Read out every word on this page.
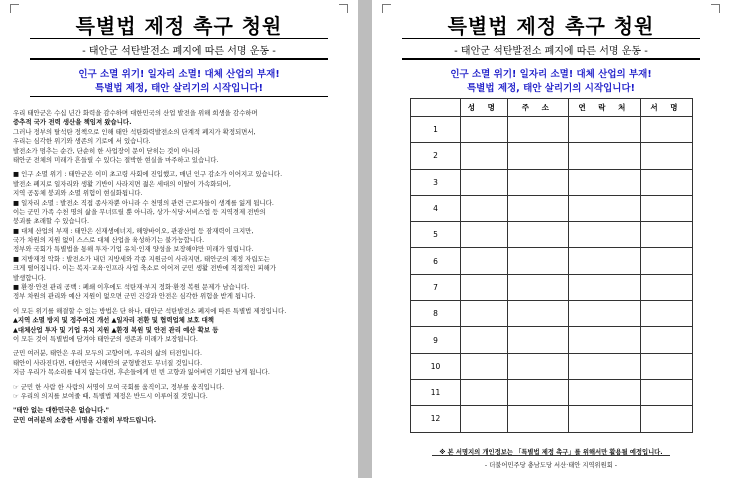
특별법 제정 촉구 청원
- 태안군 석탄발전소 폐지에 따른 서명 운동 -
인구 소멸 위기! 일자리 소멸! 대체 산업의 부재!
특별법 제정, 태안 살리기의 시작입니다!
우리 태안군은 수십 년간 화력을 감수하며 대한민국의 산업 발전을 위해 희생을 감수하며
중추적 국가 전력 생산을 책임져 왔습니다.
그러나 정부의 탈석탄 정책으로 인해 태안 석탄화력발전소의 단계적 폐지가 확정되면서,
우리는 심각한 위기와 생존의 기로에 서 있습니다.
발전소가 멈추는 순간, 단순히 한 사업장이 문이 닫히는 것이 아니라
태안군 전체의 미래가 흔들릴 수 있다는 절박한 현실을 마주하고 있습니다.
■ 인구 소멸 위기 : 태안군은 이미 초고령 사회에 진입했고, 매년 인구 감소가 이어지고 있습니다.
발전소 폐지로 일자리와 생활 기반이 사라지면 젊은 세대의 이탈이 가속화되어,
지역 공동체 붕괴와 소멸 위험이 현실화됩니다.
■ 일자리 소멸 : 발전소 직접 종사자뿐 아니라 수 천명의 관련 근로자들이 생계를 잃게 됩니다.
이는 군민 가족 수천 명의 삶을 무너뜨릴 뿐 아니라, 상가·식당·서비스업 등 지역경제 전반의
붕괴를 초래할 수 있습니다.
■ 대체 산업의 부재 : 태안은 신재생에너지, 해양바이오, 관광산업 등 잠재력이 크지만,
국가 차원의 지원 없이 스스로 대체 산업을 육성하기는 불가능합니다.
정부와 국회가 특별법을 통해 투자·기업 유치·인재 양성을 보장해야만 미래가 열립니다.
■ 지방재정 악화 : 발전소가 내던 지방세와 각종 지원금이 사라지면, 태안군의 재정 자립도는
크게 떨어집니다. 이는 복지·교육·인프라 사업 축소로 이어져 군민 생활 전반에 직접적인 피해가
발생합니다.
■ 환경·안전 관리 공백 : 폐쇄 이후에도 석탄재·부지 정화·환경 복원 문제가 남습니다.
정부 차원의 관리와 예산 지원이 없으면 군민 건강과 안전은 심각한 위험을 받게 됩니다.
이 모든 위기를 해결할 수 있는 방법은 단 하나, 태안군 석탄발전소 폐지에 따른 특별법 제정입니다.
▲지역 소멸 방지 및 정주여건 개선 ▲일자리 전환 및 협력업체 보호 대책
▲대체산업 투자 및 기업 유치 지원 ▲환경 복원 및 안전 관리 예산 확보 등
이 모든 것이 특별법에 담겨야 태안군의 생존과 미래가 보장됩니다.
군민 여러분, 태안은 우리 모두의 고향이며, 우리의 삶의 터전입니다.
태안이 사라진다면, 대한민국 서해안의 균형발전도 무너질 것입니다.
지금 우리가 목소리를 내지 않는다면, 후손들에게 빈 빈 고향과 잃어버린 기회만 남게 됩니다.
☞ 군민 한 사람 한 사람의 서명이 모여 국회를 움직이고, 정부를 움직입니다.
☞ 우리의 의지를 보여줄 때, 특별법 제정은 반드시 이루어질 것입니다.
"태안 없는 대한민국은 없습니다."
군민 여러분의 소중한 서명을 간절히 부탁드립니다.
특별법 제정 촉구 청원
- 태안군 석탄발전소 폐지에 따른 서명 운동 -
인구 소멸 위기! 일자리 소멸! 대체 산업의 부재!
특별법 제정, 태안 살리기의 시작입니다!
	성 명	주 소	연 락 처	서 명
1				
2				
3				
4				
5				
6				
7				
8				
9				
10				
11				
12				
※ 본 서명지의 개인정보는 「특별법 제정 촉구」를 위해서만 활용될 예정입니다.
- 더불어민주당 충남도당 서산·태안 지역위원회 -
